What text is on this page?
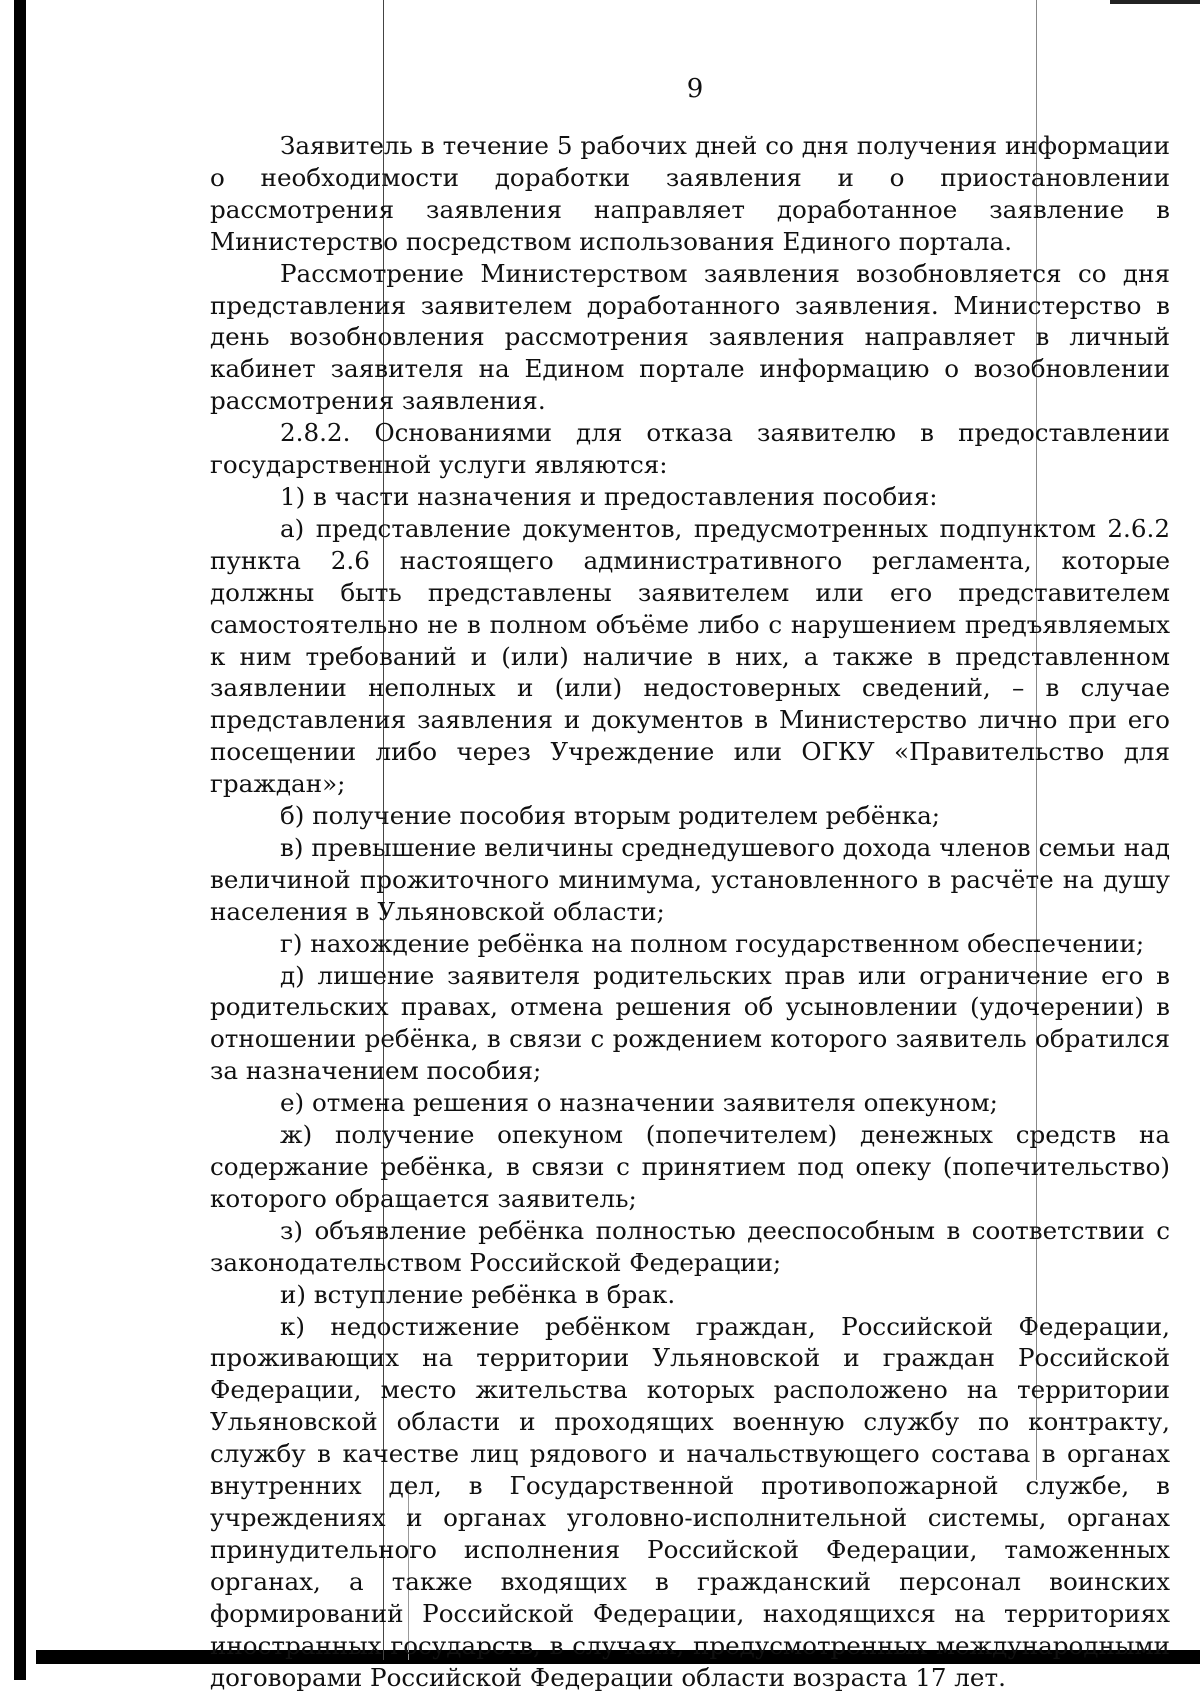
9

Заявитель в течение 5 рабочих дней со дня получения информации о необходимости доработки заявления и о приостановлении рассмотрения заявления направляет доработанное заявление в Министерство посредством использования Единого портала.

Рассмотрение Министерством заявления возобновляется со дня представления заявителем доработанного заявления. Министерство в день возобновления рассмотрения заявления направляет в личный кабинет заявителя на Едином портале информацию о возобновлении рассмотрения заявления.

2.8.2. Основаниями для отказа заявителю в предоставлении государственной услуги являются:

1) в части назначения и предоставления пособия:

а) представление документов, предусмотренных подпунктом 2.6.2 пункта 2.6 настоящего административного регламента, которые должны быть представлены заявителем или его представителем самостоятельно не в полном объёме либо с нарушением предъявляемых к ним требований и (или) наличие в них, а также в представленном заявлении неполных и (или) недостоверных сведений, – в случае представления заявления и документов в Министерство лично при его посещении либо через Учреждение или ОГКУ «Правительство для граждан»;

б) получение пособия вторым родителем ребёнка;

в) превышение величины среднедушевого дохода членов семьи над величиной прожиточного минимума, установленного в расчёте на душу населения в Ульяновской области;

г) нахождение ребёнка на полном государственном обеспечении;

д) лишение заявителя родительских прав или ограничение его в родительских правах, отмена решения об усыновлении (удочерении) в отношении ребёнка, в связи с рождением которого заявитель обратился за назначением пособия;

е) отмена решения о назначении заявителя опекуном;

ж) получение опекуном (попечителем) денежных средств на содержание ребёнка, в связи с принятием под опеку (попечительство) которого обращается заявитель;

з) объявление ребёнка полностью дееспособным в соответствии с законодательством Российской Федерации;

и) вступление ребёнка в брак.

к) недостижение ребёнком граждан, Российской Федерации, проживающих на территории Ульяновской и граждан Российской Федерации, место жительства которых расположено на территории Ульяновской области и проходящих военную службу по контракту, службу в качестве лиц рядового и начальствующего состава в органах внутренних дел, в Государственной противопожарной службе, в учреждениях и органах уголовно-исполнительной системы, органах принудительного исполнения Российской Федерации, таможенных органах, а также входящих в гражданский персонал воинских формирований Российской Федерации, находящихся на территориях иностранных государств, в случаях, предусмотренных международными договорами Российской Федерации области возраста 17 лет.
